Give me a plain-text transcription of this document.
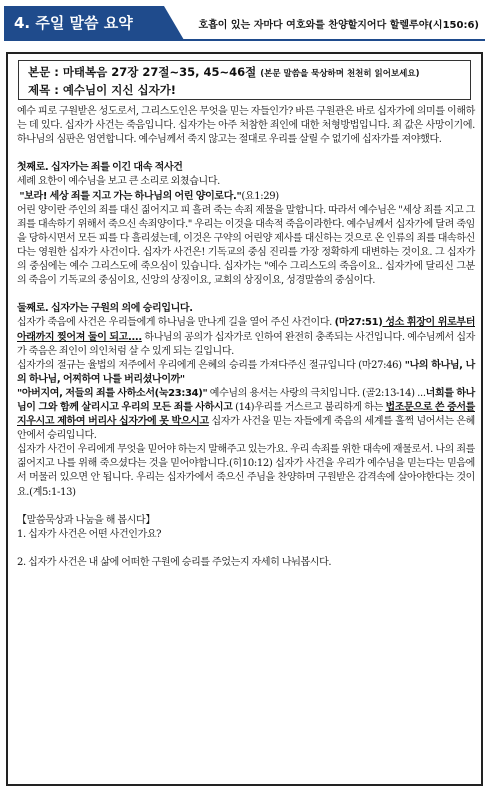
4. 주일 말씀 요약	호흡이 있는 자마다 여호와를 찬양할지어다 할렐루야(시150:6)
본문 : 마태복음 27장 27절~35, 45~46절 (본문 말씀을 묵상하며 천천히 읽어보세요)
제목 : 예수님이 지신 십자가!

예수 피로 구원받은 성도로서, 그리스도인은 무엇을 믿는 자들인가? 바른 구원관은 바로 십자가에 의미를 이해하는 데 있다. 십자가 사건는 죽음입니다. 십자가는 아주 처참한 죄인에 대한 처형방법입니다. 죄 값은 사망이기에. 하나님의 심판은 엄연합니다. 예수님께서 죽지 않고는 절대로 우리를 살릴 수 없기에 십자가를 져야했다.

첫째로. 십자가는 죄를 이긴 대속 적사건

세례 요한이 예수님을 보고 큰 소리로 외쳤습니다.

"보라! 세상 죄를 지고 가는 하나님의 어린 양이로다."(요1:29)

어린 양이란 주인의 죄를 대신 짊어지고 피 흘려 죽는 속죄 제물을 말합니다. 따라서 예수님은 "세상 죄를 지고 그 죄를 대속하기 위해서 죽으신 속죄양이다." 우리는 이것을 대속적 죽음이라한다. 예수님께서 십자가에 달려 죽임을 당하시면서 모든 피를 다 흘리셨는데, 이것은 구약의 어린양 제사를 대신하는 것으로 온 인류의 죄를 대속하신다는 영원한 십자가 사건이다. 십자가 사건은! 기독교의 중심 진리를 가장 정확하게 대변하는 것이요. 그 십자가의 중심에는 예수 그리스도에 죽으심이 있습니다. 십자가는 "예수 그리스도의 죽음이요.. 십자가에 달리신 그분의 죽음이 기독교의 중심이요, 신앙의 상징이요, 교회의 상징이요, 성경말씀의 중심이다.

둘째로. 십자가는 구원의 의에 승리입니다.

십자가 죽음에 사건은 우리들에게 하나님을 만나게 길을 열어 주신 사건이다. (마27:51) 성소 휘장이 위로부터 아래까지 찢어져 둘이 되고.... 하나님의 공의가 십자가로 인하여 완전히 충족되는 사건입니다. 예수님께서 십자가 죽음은 죄인이 의인처럼 살 수 있게 되는 길입니다.

십자가의 절규는 율법의 저주에서 우리에게 은혜의 승리를 가져다주신 절규입니다 (마27:46) "나의 하나님, 나의 하나님, 어찌하여 나를 버리셨나이까"

"아버지여, 저들의 죄를 사하소서(눅23:34)" 예수님의 용서는 사랑의 극치입니다. (골2:13-14) ...너희를 하나님이 그와 함께 살리시고 우리의 모든 죄를 사하시고 (14)우리를 거스르고 불리하게 하는 법조문으로 쓴 증서를 지우시고 제하여 버리사 십자가에 못 박으시고 십자가 사건을 믿는 자들에게 죽음의 세계를 훌쩍 넘어서는 은혜 안에서 승리입니다.

십자가 사건이 우리에게 무엇을 믿어야 하는지 말해주고 있는가요. 우리 속죄를 위한 대속에 재물로서. 나의 죄를 짊어지고 나를 위해 죽으셨다는 것을 믿어야합니다.(히10:12) 십자가 사건을 우리가 예수님을 믿는다는 믿음에서 머물러 있으면 안 됩니다. 우리는 십자가에서 죽으신 주님을 찬양하며 구원받은 감격속에 살아야한다는 것이요.(계5:1-13)

【말씀묵상과 나눔을 해 봅시다】

1. 십자가 사건은 어떤 사건인가요?

2. 십자가 사건은 내 삶에 어떠한 구원에 승리를 주었는지 자세히 나눠봅시다.
